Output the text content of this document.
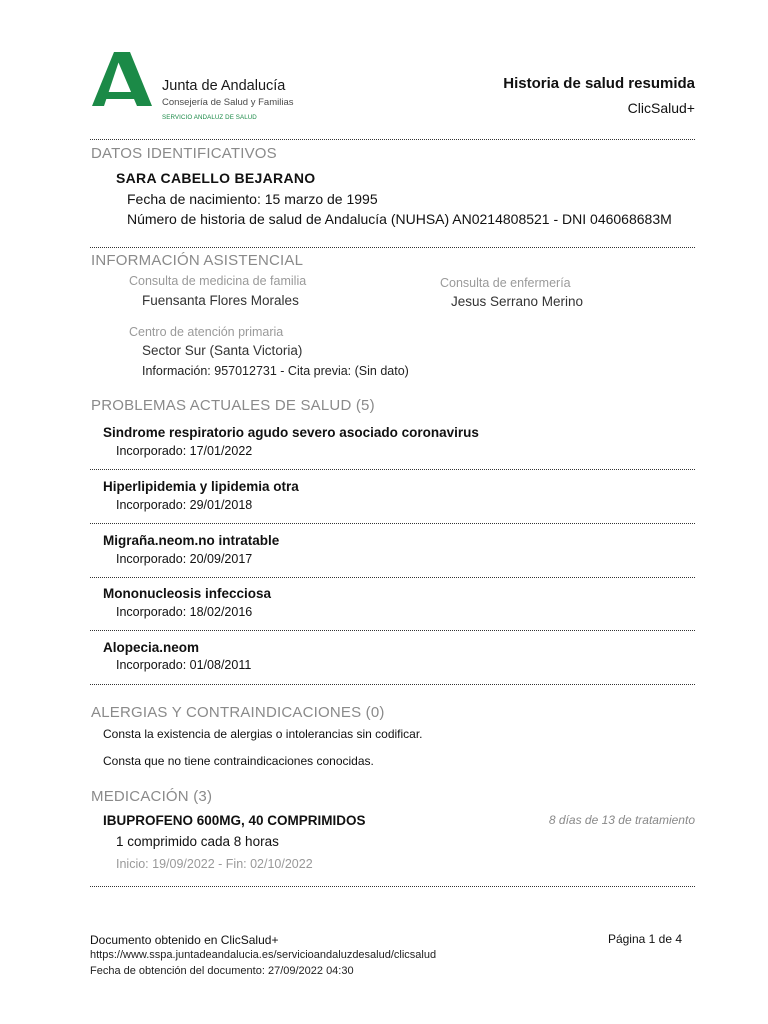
Junta de Andalucía
Consejería de Salud y Familias
SERVICIO ANDALUZ DE SALUD
Historia de salud resumida
ClicSalud+
DATOS IDENTIFICATIVOS
SARA CABELLO BEJARANO
Fecha de nacimiento: 15 marzo de 1995
Número de historia de salud de Andalucía (NUHSA) AN0214808521 - DNI 046068683M
INFORMACIÓN ASISTENCIAL
Consulta de medicina de familia
Fuensanta Flores Morales
Consulta de enfermería
Jesus Serrano Merino
Centro de atención primaria
Sector Sur (Santa Victoria)
Información: 957012731 - Cita previa: (Sin dato)
PROBLEMAS ACTUALES DE SALUD (5)
Sindrome respiratorio agudo severo asociado coronavirus
Incorporado: 17/01/2022
Hiperlipidemia y lipidemia otra
Incorporado: 29/01/2018
Migraña.neom.no intratable
Incorporado: 20/09/2017
Mononucleosis infecciosa
Incorporado: 18/02/2016
Alopecia.neom
Incorporado: 01/08/2011
ALERGIAS Y CONTRAINDICACIONES (0)
Consta la existencia de alergias o intolerancias sin codificar.
Consta que no tiene contraindicaciones conocidas.
MEDICACIÓN (3)
IBUPROFENO 600MG, 40 COMPRIMIDOS	8 días de 13 de tratamiento
1 comprimido cada 8 horas
Inicio: 19/09/2022 - Fin: 02/10/2022
Documento obtenido en ClicSalud+
https://www.sspa.juntadeandalucia.es/servicioandaluzdesalud/clicsalud
Fecha de obtención del documento: 27/09/2022 04:30
Página 1 de 4
